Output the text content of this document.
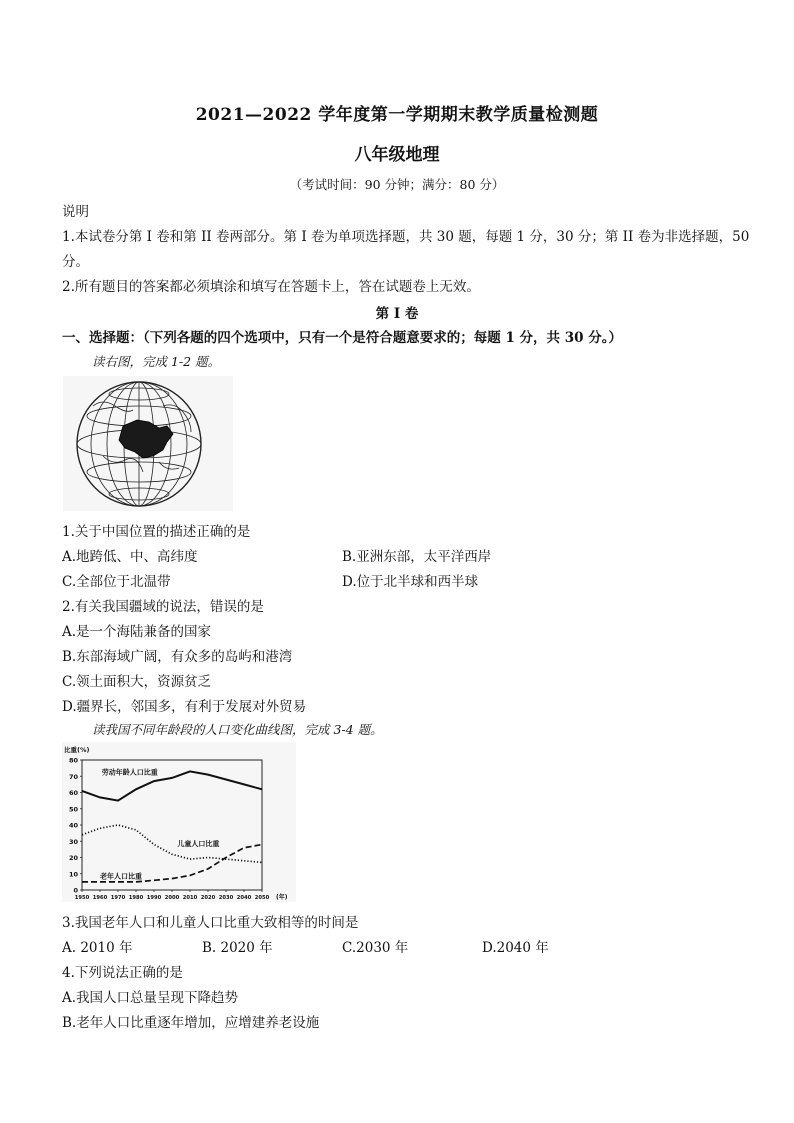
2021—2022 学年度第一学期期末教学质量检测题
八年级地理
（考试时间：90 分钟；满分：80 分）
说明
1.本试卷分第 I 卷和第 II 卷两部分。第 I 卷为单项选择题，共 30 题，每题 1 分，30 分；第 II 卷为非选择题，50
分。
2.所有题目的答案都必须填涂和填写在答题卡上，答在试题卷上无效。
第 I 卷
一、选择题：（下列各题的四个选项中，只有一个是符合题意要求的；每题 1 分，共 30 分。）
读右图，完成 1-2 题。
1.关于中国位置的描述正确的是
A.地跨低、中、高纬度	B.亚洲东部，太平洋西岸
C.全部位于北温带	D.位于北半球和西半球
2.有关我国疆域的说法，错误的是
A.是一个海陆兼备的国家
B.东部海域广阔，有众多的岛屿和港湾
C.领土面积大，资源贫乏
D.疆界长，邻国多，有利于发展对外贸易
读我国不同年龄段的人口变化曲线图，完成 3-4 题。
0
10
20
30
40
50
60
70
80
1950 1960 1970 1980 1990 2000 2010 2020 2030 2040 2050
比重(%)
(年)
劳动年龄人口比重
儿童人口比重
老年人口比重
3.我国老年人口和儿童人口比重大致相等的时间是
A. 2010 年	B. 2020 年	C.2030 年	D.2040 年
4.下列说法正确的是
A.我国人口总量呈现下降趋势
B.老年人口比重逐年增加，应增建养老设施
